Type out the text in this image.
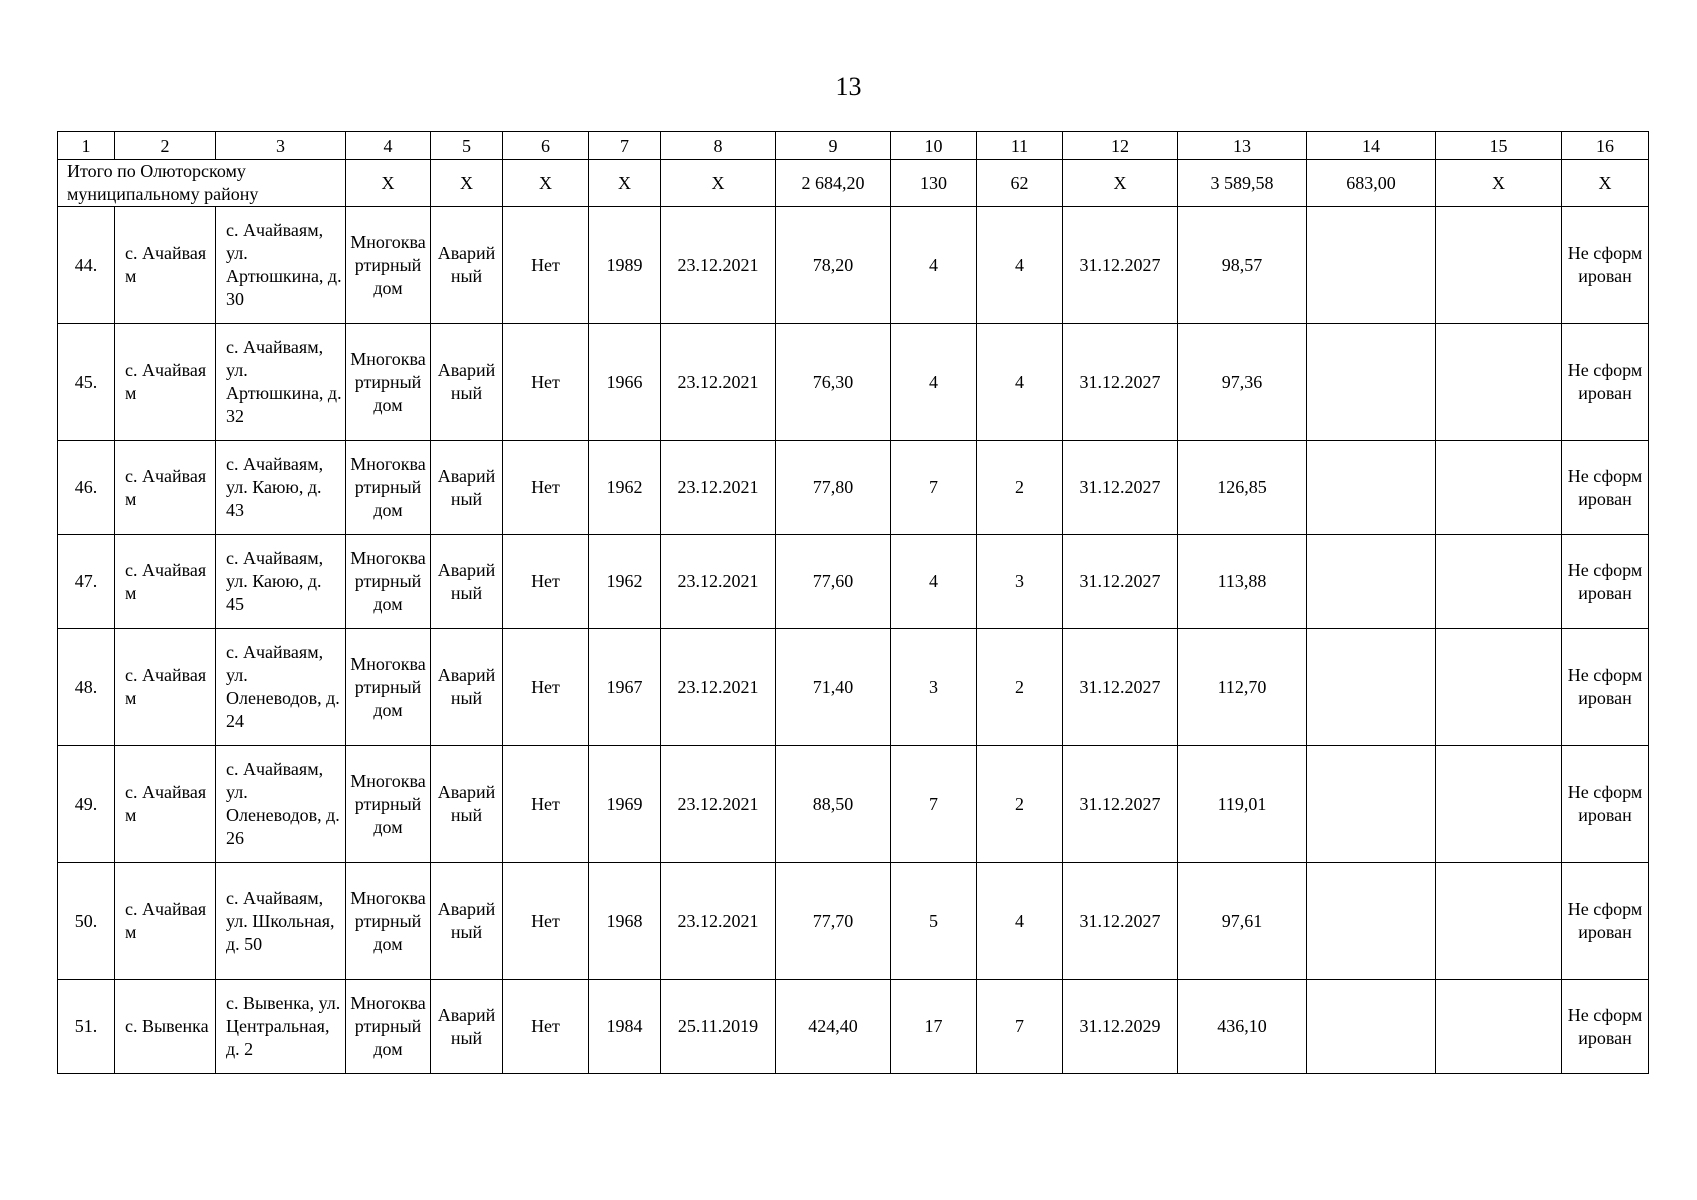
13
1	2	3	4	5	6	7	8	9	10	11	12	13	14	15	16
Итого по Олюторскому муниципальному району			X	X	X	X	X	2 684,20	130	62	X	3 589,58	683,00	X	X
44.	с. Ачайваям	с. Ачайваям, ул. Артюшкина, д. 30	Многоквартирный дом	Аварийный	Нет	1989	23.12.2021	78,20	4	4	31.12.2027	98,57			Не сформирован
45.	с. Ачайваям	с. Ачайваям, ул. Артюшкина, д. 32	Многоквартирный дом	Аварийный	Нет	1966	23.12.2021	76,30	4	4	31.12.2027	97,36			Не сформирован
46.	с. Ачайваям	с. Ачайваям, ул. Каюю, д. 43	Многоквартирный дом	Аварийный	Нет	1962	23.12.2021	77,80	7	2	31.12.2027	126,85			Не сформирован
47.	с. Ачайваям	с. Ачайваям, ул. Каюю, д. 45	Многоквартирный дом	Аварийный	Нет	1962	23.12.2021	77,60	4	3	31.12.2027	113,88			Не сформирован
48.	с. Ачайваям	с. Ачайваям, ул. Оленеводов, д. 24	Многоквартирный дом	Аварийный	Нет	1967	23.12.2021	71,40	3	2	31.12.2027	112,70			Не сформирован
49.	с. Ачайваям	с. Ачайваям, ул. Оленеводов, д. 26	Многоквартирный дом	Аварийный	Нет	1969	23.12.2021	88,50	7	2	31.12.2027	119,01			Не сформирован
50.	с. Ачайваям	с. Ачайваям, ул. Школьная, д. 50	Многоквартирный дом	Аварийный	Нет	1968	23.12.2021	77,70	5	4	31.12.2027	97,61			Не сформирован
51.	с. Вывенка	с. Вывенка, ул. Центральная, д. 2	Многоквартирный дом	Аварийный	Нет	1984	25.11.2019	424,40	17	7	31.12.2029	436,10			Не сформирован
